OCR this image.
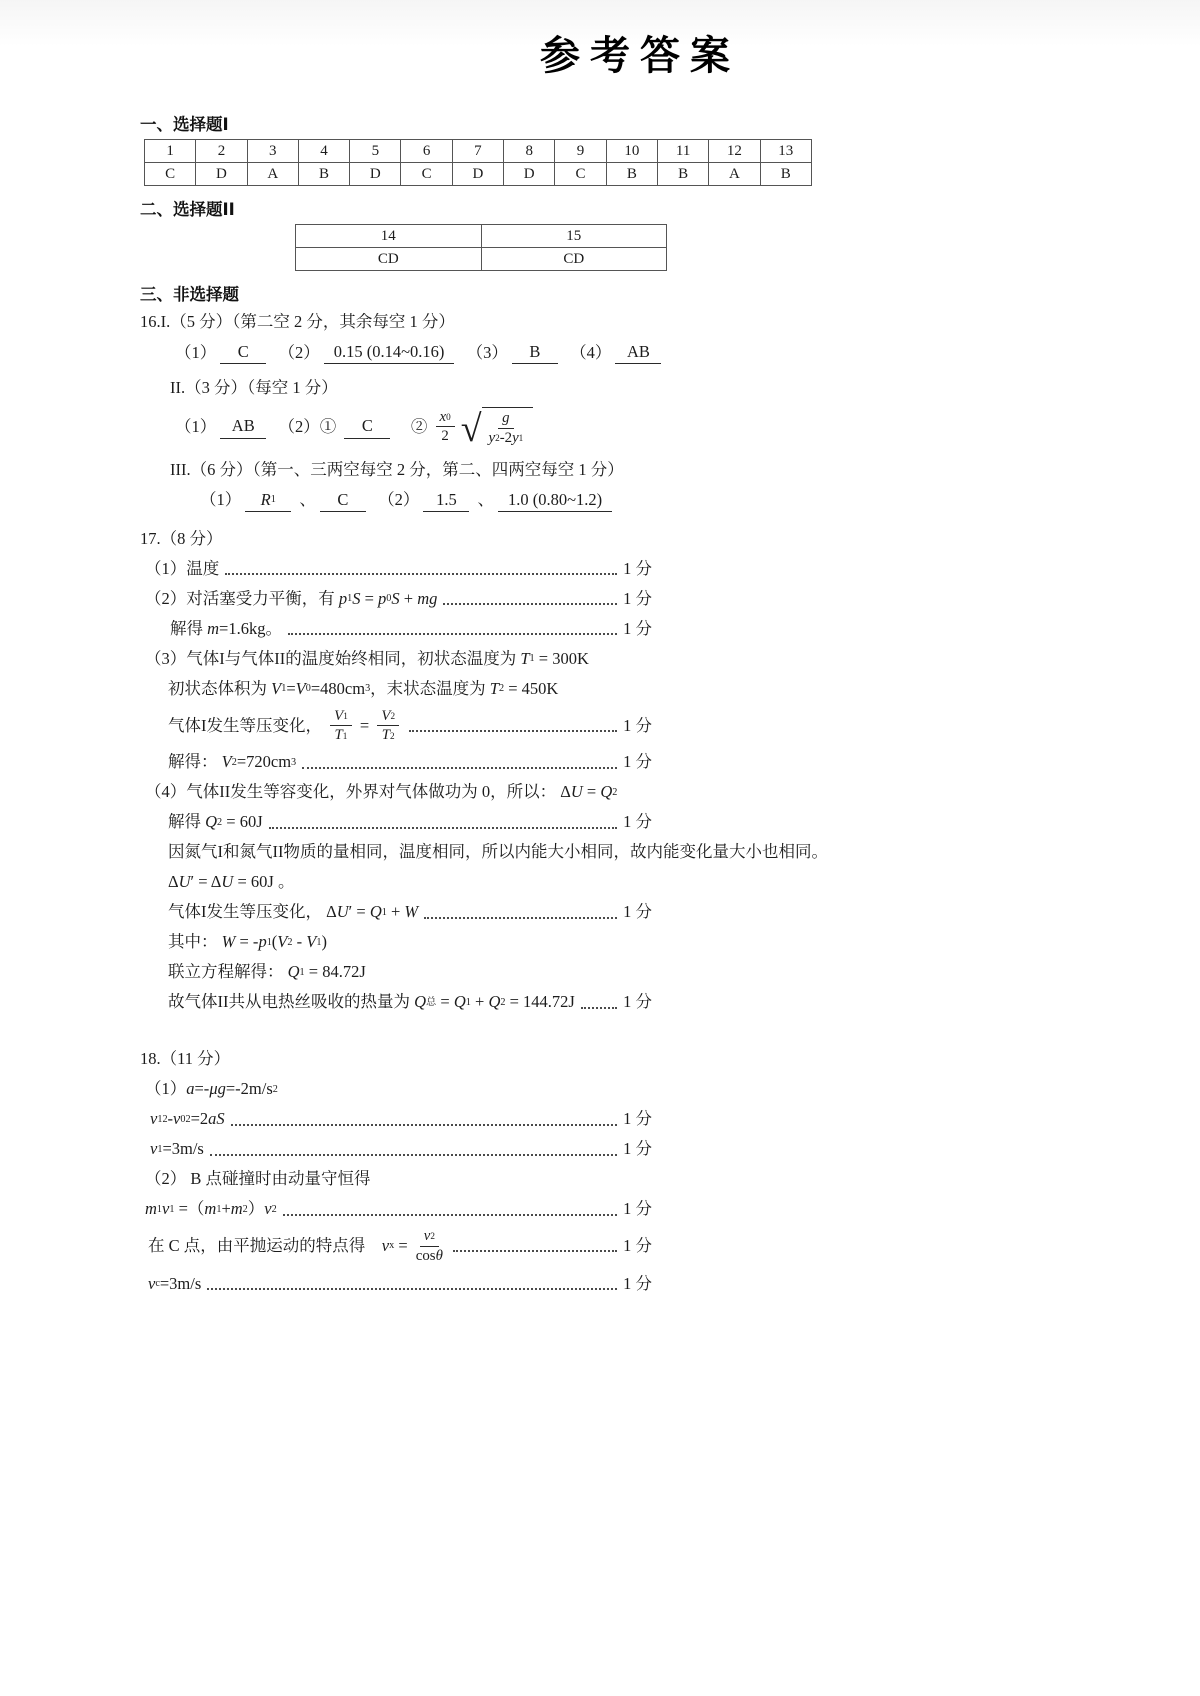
参考答案
一、选择题I
1	2	3	4	5	6	7	8	9	10	11	12	13
C	D	A	B	D	C	D	D	C	B	B	A	B
二、选择题II
14	15
CD	CD
三、非选择题
16.I.（5 分）（第二空 2 分，其余每空 1 分）
（1）	C	　（2） 0.15 (0.14~0.16) 　（3）	B	　（4） AB
II.（3 分）（每空 1 分）
（1） AB 　（2）①	C	　② $\frac{x 0}{2}$ √ $\frac{g}{y 2 -2 y 1}$
III.（6 分）（第一、三两空每空 2 分，第二、四两空每空 1 分）
（1） R 1 、	C	　（2）	1.5	、 1.0 (0.80~1.2)
17.（8 分）
（1）温度	1 分
（2）对活塞受力平衡，有 p 1 S = p 0 S + mg	1 分
解得 m =1.6kg。	1 分
（3）气体I与气体II的温度始终相同，初状态温度为 T 1 = 300K
初状态体积为 V 1 = V 0 =480cm 3 ，末状态温度为 T 2 = 450K
气体I发生等压变化， $\frac{V 1}{T 1} = \frac{V 2}{T 2}$	1 分
解得： V 2 =720cm 3	1 分
（4）气体II发生等容变化，外界对气体做功为 0，所以： Δ U = Q 2
解得 Q 2 = 60J	1 分
因氮气I和氮气II物质的量相同，温度相同，所以内能大小相同，故内能变化量大小也相同。
Δ U ′ = Δ U = 60J 。
气体I发生等压变化， Δ U ′ = Q 1 + W	1 分
其中： W = - p 1 ( V 2 - V 1 )
联立方程解得： Q 1 = 84.72J
故气体II共从电热丝吸收的热量为 Q 总 = Q 1 + Q 2 = 144.72J	1 分
18.（11 分）
（1） a =- μg =-2m/s 2
v 1 2 - v 0 2 =2 aS	1 分
v 1 =3m/s	1 分
（2） B 点碰撞时由动量守恒得
m 1 v 1 =（ m 1 + m 2 ） v 2	1 分
在 C 点，由平抛运动的特点得　 v $x = \frac{v 2}{\text{cos θ}}$	1 分
v c =3m/s	1 分
